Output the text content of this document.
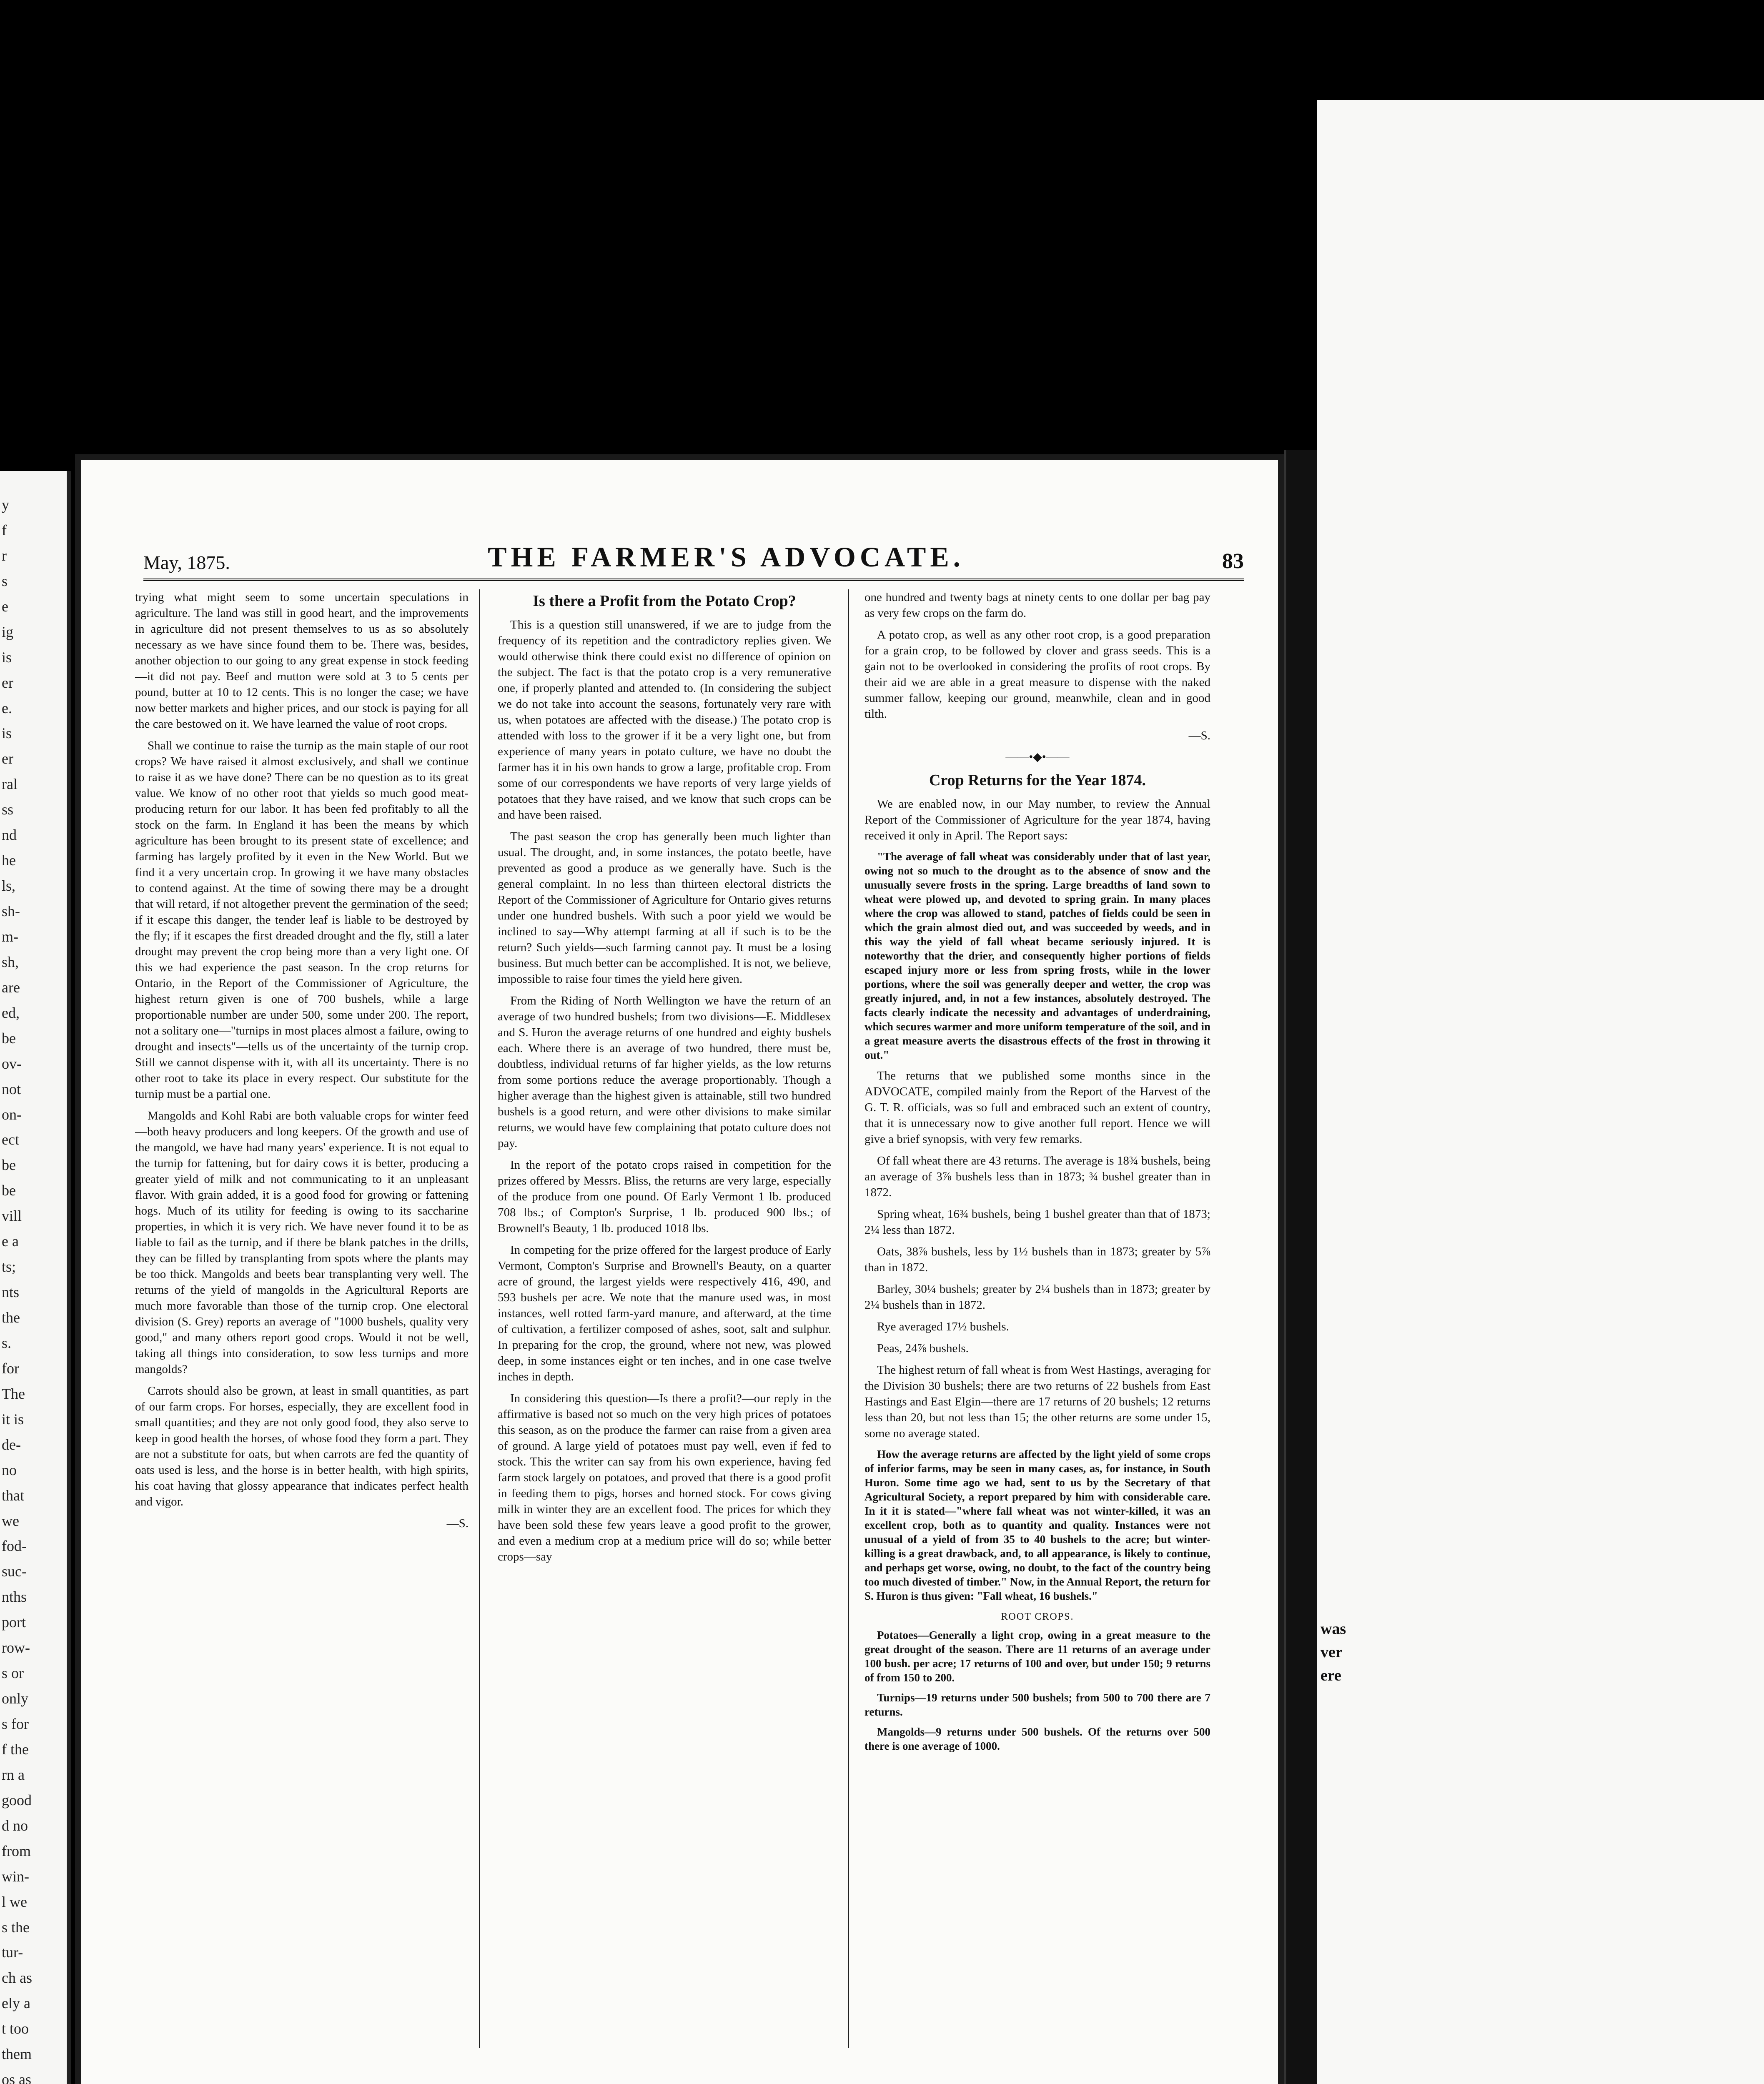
y
f
r
s
e
ig
is
er
e.
is
er
ral
ss
nd
he
ls,
sh-
m-
sh,
are
ed,
be
ov-
not
on-
ect
be
be
vill
e a
ts;
nts
the
s.
for
The
it is
de-
no
that
we
fod-
suc-
nths
port
row-
s or
only
s for
f the
rn a
good
d no
from
win-
l we
s the
tur-
ch as
ely a
t too
them
os as
May, 1875.	THE FARMER'S ADVOCATE.	83

trying what might seem to some uncertain speculations in agriculture. The land was still in good heart, and the improvements in agriculture did not present themselves to us as so absolutely necessary as we have since found them to be. There was, besides, another objection to our going to any great expense in stock feeding—it did not pay. Beef and mutton were sold at 3 to 5 cents per pound, butter at 10 to 12 cents. This is no longer the case; we have now better markets and higher prices, and our stock is paying for all the care bestowed on it. We have learned the value of root crops.

Shall we continue to raise the turnip as the main staple of our root crops? We have raised it almost exclusively, and shall we continue to raise it as we have done? There can be no question as to its great value. We know of no other root that yields so much good meat-producing return for our labor. It has been fed profitably to all the stock on the farm. In England it has been the means by which agriculture has been brought to its present state of excellence; and farming has largely profited by it even in the New World. But we find it a very uncertain crop. In growing it we have many obstacles to contend against. At the time of sowing there may be a drought that will retard, if not altogether prevent the germination of the seed; if it escape this danger, the tender leaf is liable to be destroyed by the fly; if it escapes the first dreaded drought and the fly, still a later drought may prevent the crop being more than a very light one. Of this we had experience the past season. In the crop returns for Ontario, in the Report of the Commissioner of Agriculture, the highest return given is one of 700 bushels, while a large proportionable number are under 500, some under 200. The report, not a solitary one—"turnips in most places almost a failure, owing to drought and insects"—tells us of the uncertainty of the turnip crop. Still we cannot dispense with it, with all its uncertainty. There is no other root to take its place in every respect. Our substitute for the turnip must be a partial one.

Mangolds and Kohl Rabi are both valuable crops for winter feed—both heavy producers and long keepers. Of the growth and use of the mangold, we have had many years' experience. It is not equal to the turnip for fattening, but for dairy cows it is better, producing a greater yield of milk and not communicating to it an unpleasant flavor. With grain added, it is a good food for growing or fattening hogs. Much of its utility for feeding is owing to its saccharine properties, in which it is very rich. We have never found it to be as liable to fail as the turnip, and if there be blank patches in the drills, they can be filled by transplanting from spots where the plants may be too thick. Mangolds and beets bear transplanting very well. The returns of the yield of mangolds in the Agricultural Reports are much more favorable than those of the turnip crop. One electoral division (S. Grey) reports an average of "1000 bushels, quality very good," and many others report good crops. Would it not be well, taking all things into consideration, to sow less turnips and more mangolds?

Carrots should also be grown, at least in small quantities, as part of our farm crops. For horses, especially, they are excellent food in small quantities; and they are not only good food, they also serve to keep in good health the horses, of whose food they form a part. They are not a substitute for oats, but when carrots are fed the quantity of oats used is less, and the horse is in better health, with high spirits, his coat having that glossy appearance that indicates perfect health and vigor.

—S.

Is there a Profit from the Potato Crop?

This is a question still unanswered, if we are to judge from the frequency of its repetition and the contradictory replies given. We would otherwise think there could exist no difference of opinion on the subject. The fact is that the potato crop is a very remunerative one, if properly planted and attended to. (In considering the subject we do not take into account the seasons, fortunately very rare with us, when potatoes are affected with the disease.) The potato crop is attended with loss to the grower if it be a very light one, but from experience of many years in potato culture, we have no doubt the farmer has it in his own hands to grow a large, profitable crop. From some of our correspondents we have reports of very large yields of potatoes that they have raised, and we know that such crops can be and have been raised.

The past season the crop has generally been much lighter than usual. The drought, and, in some instances, the potato beetle, have prevented as good a produce as we generally have. Such is the general complaint. In no less than thirteen electoral districts the Report of the Commissioner of Agriculture for Ontario gives returns under one hundred bushels. With such a poor yield we would be inclined to say—Why attempt farming at all if such is to be the return? Such yields—such farming cannot pay. It must be a losing business. But much better can be accomplished. It is not, we believe, impossible to raise four times the yield here given.

From the Riding of North Wellington we have the return of an average of two hundred bushels; from two divisions—E. Middlesex and S. Huron the average returns of one hundred and eighty bushels each. Where there is an average of two hundred, there must be, doubtless, individual returns of far higher yields, as the low returns from some portions reduce the average proportionably. Though a higher average than the highest given is attainable, still two hundred bushels is a good return, and were other divisions to make similar returns, we would have few complaining that potato culture does not pay.

In the report of the potato crops raised in competition for the prizes offered by Messrs. Bliss, the returns are very large, especially of the produce from one pound. Of Early Vermont 1 lb. produced 708 lbs.; of Compton's Surprise, 1 lb. produced 900 lbs.; of Brownell's Beauty, 1 lb. produced 1018 lbs.

In competing for the prize offered for the largest produce of Early Vermont, Compton's Surprise and Brownell's Beauty, on a quarter acre of ground, the largest yields were respectively 416, 490, and 593 bushels per acre. We note that the manure used was, in most instances, well rotted farm-yard manure, and afterward, at the time of cultivation, a fertilizer composed of ashes, soot, salt and sulphur. In preparing for the crop, the ground, where not new, was plowed deep, in some instances eight or ten inches, and in one case twelve inches in depth.

In considering this question—Is there a profit?—our reply in the affirmative is based not so much on the very high prices of potatoes this season, as on the produce the farmer can raise from a given area of ground. A large yield of potatoes must pay well, even if fed to stock. This the writer can say from his own experience, having fed farm stock largely on potatoes, and proved that there is a good profit in feeding them to pigs, horses and horned stock. For cows giving milk in winter they are an excellent food. The prices for which they have been sold these few years leave a good profit to the grower, and even a medium crop at a medium price will do so; while better crops—say

one hundred and twenty bags at ninety cents to one dollar per bag pay as very few crops on the farm do.

A potato crop, as well as any other root crop, is a good preparation for a grain crop, to be followed by clover and grass seeds. This is a gain not to be overlooked in considering the profits of root crops. By their aid we are able in a great measure to dispense with the naked summer fallow, keeping our ground, meanwhile, clean and in good tilth.

—S.

——•◆•——
Crop Returns for the Year 1874.

We are enabled now, in our May number, to review the Annual Report of the Commissioner of Agriculture for the year 1874, having received it only in April. The Report says:

"The average of fall wheat was considerably under that of last year, owing not so much to the drought as to the absence of snow and the unusually severe frosts in the spring. Large breadths of land sown to wheat were plowed up, and devoted to spring grain. In many places where the crop was allowed to stand, patches of fields could be seen in which the grain almost died out, and was succeeded by weeds, and in this way the yield of fall wheat became seriously injured. It is noteworthy that the drier, and consequently higher portions of fields escaped injury more or less from spring frosts, while in the lower portions, where the soil was generally deeper and wetter, the crop was greatly injured, and, in not a few instances, absolutely destroyed. The facts clearly indicate the necessity and advantages of underdraining, which secures warmer and more uniform temperature of the soil, and in a great measure averts the disastrous effects of the frost in throwing it out."

The returns that we published some months since in the ADVOCATE, compiled mainly from the Report of the Harvest of the G. T. R. officials, was so full and embraced such an extent of country, that it is unnecessary now to give another full report. Hence we will give a brief synopsis, with very few remarks.

Of fall wheat there are 43 returns. The average is 18¾ bushels, being an average of 3⅞ bushels less than in 1873; ¾ bushel greater than in 1872.

Spring wheat, 16¾ bushels, being 1 bushel greater than that of 1873; 2¼ less than 1872.

Oats, 38⅞ bushels, less by 1½ bushels than in 1873; greater by 5⅞ than in 1872.

Barley, 30¼ bushels; greater by 2¼ bushels than in 1873; greater by 2¼ bushels than in 1872.

Rye averaged 17½ bushels.

Peas, 24⅞ bushels.

The highest return of fall wheat is from West Hastings, averaging for the Division 30 bushels; there are two returns of 22 bushels from East Hastings and East Elgin—there are 17 returns of 20 bushels; 12 returns less than 20, but not less than 15; the other returns are some under 15, some no average stated.

How the average returns are affected by the light yield of some crops of inferior farms, may be seen in many cases, as, for instance, in South Huron. Some time ago we had, sent to us by the Secretary of that Agricultural Society, a report prepared by him with considerable care. In it it is stated—"where fall wheat was not winter-killed, it was an excellent crop, both as to quantity and quality. Instances were not unusual of a yield of from 35 to 40 bushels to the acre; but winter-killing is a great drawback, and, to all appearance, is likely to continue, and perhaps get worse, owing, no doubt, to the fact of the country being too much divested of timber." Now, in the Annual Report, the return for S. Huron is thus given: "Fall wheat, 16 bushels."

ROOT CROPS.

Potatoes—Generally a light crop, owing in a great measure to the great drought of the season. There are 11 returns of an average under 100 bush. per acre; 17 returns of 100 and over, but under 150; 9 returns of from 150 to 200.

Turnips—19 returns under 500 bushels; from 500 to 700 there are 7 returns.

Mangolds—9 returns under 500 bushels. Of the returns over 500 there is one average of 1000.

was
ver
ere
